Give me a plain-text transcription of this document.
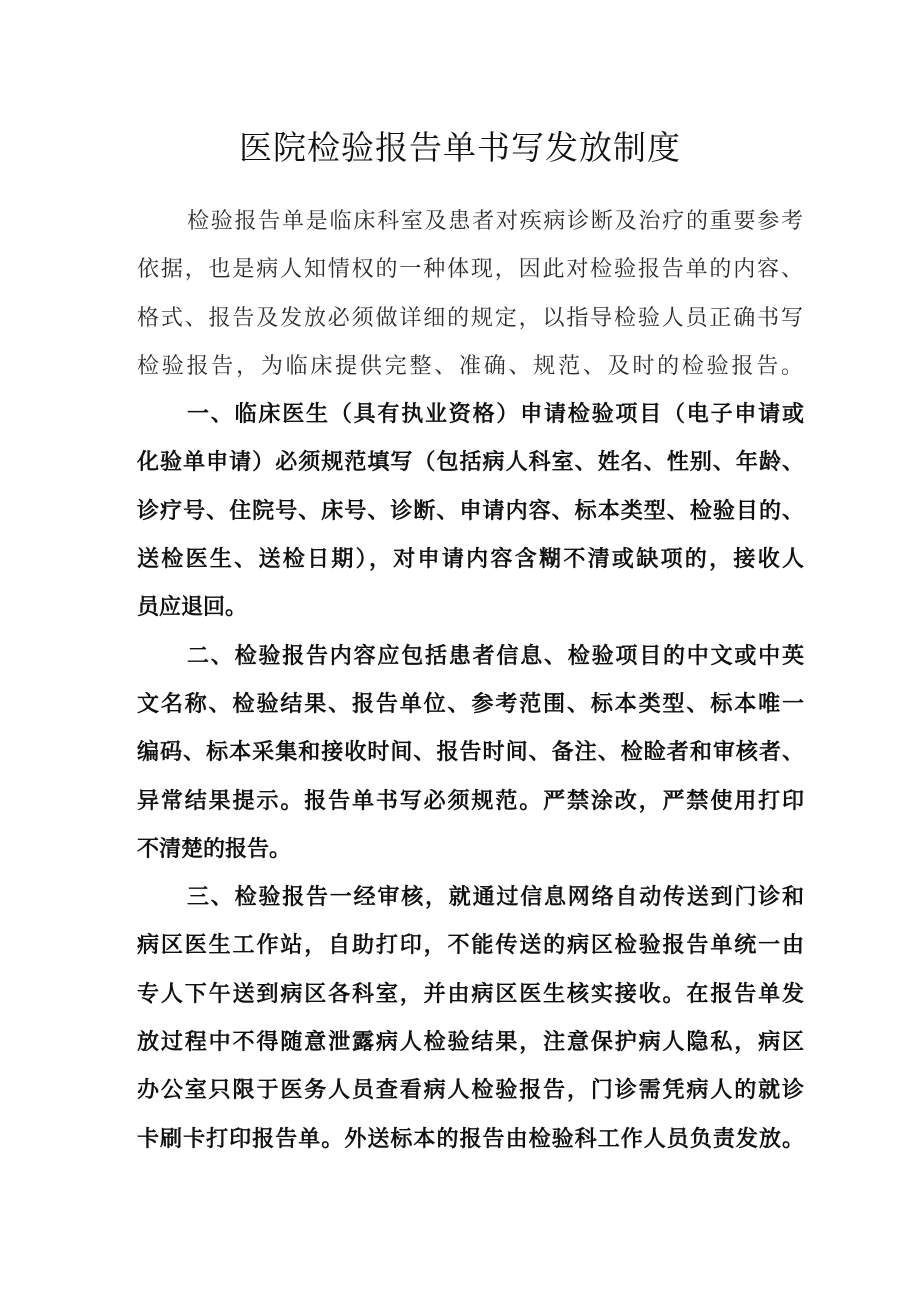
医院检验报告单书写发放制度
检验报告单是临床科室及患者对疾病诊断及治疗的重要参考
依据，也是病人知情权的一种体现，因此对检验报告单的内容、
格式、报告及发放必须做详细的规定，以指导检验人员正确书写
检验报告，为临床提供完整、准确、规范、及时的检验报告。
一、临床医生（具有执业资格）申请检验项目（电子申请或
化验单申请）必须规范填写（包括病人科室、姓名、性别、年龄、
诊疗号、住院号、床号、诊断、申请内容、标本类型、检验目的、
送检医生、送检日期），对申请内容含糊不清或缺项的，接收人
员应退回。
二、检验报告内容应包括患者信息、检验项目的中文或中英
文名称、检验结果、报告单位、参考范围、标本类型、标本唯一
编码、标本采集和接收时间、报告时间、备注、检睑者和审核者、
异常结果提示。报告单书写必须规范。严禁涂改，严禁使用打印
不清楚的报告。
三、检验报告一经审核，就通过信息网络自动传送到门诊和
病区医生工作站，自助打印，不能传送的病区检验报告单统一由
专人下午送到病区各科室，并由病区医生核实接收。在报告单发
放过程中不得随意泄露病人检验结果，注意保护病人隐私，病区
办公室只限于医务人员查看病人检验报告，门诊需凭病人的就诊
卡刷卡打印报告单。外送标本的报告由检验科工作人员负责发放。
